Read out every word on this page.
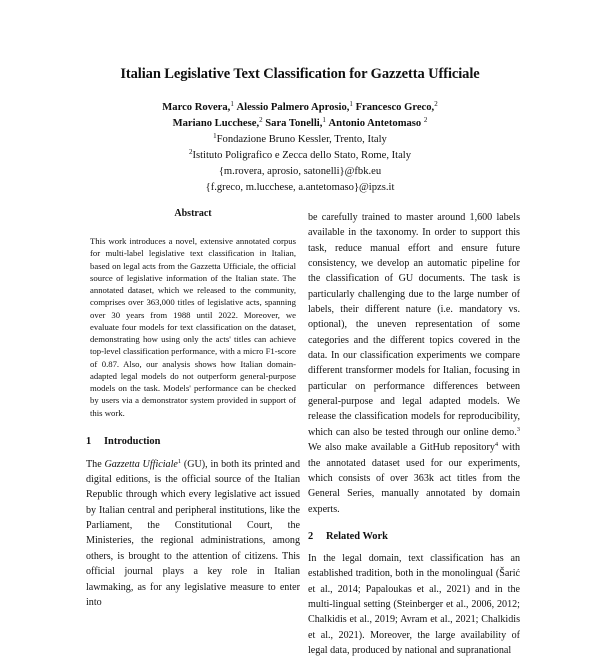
Italian Legislative Text Classification for Gazzetta Ufficiale
Marco Rovera,$^1$ Alessio Palmero Aprosio,$^1$ Francesco Greco,$^2$
Mariano Lucchese,$^2$ Sara Tonelli,$^1$ Antonio Antetomaso $^2$
$^1$Fondazione Bruno Kessler, Trento, Italy
$^2$Istituto Poligrafico e Zecca dello Stato, Rome, Italy
{m.rovera, aprosio, satonelli}@fbk.eu
{f.greco, m.lucchese, a.antetomaso}@ipzs.it
Abstract

This work introduces a novel, extensive annotated corpus for multi-label legislative text classification in Italian, based on legal acts from the Gazzetta Ufficiale, the official source of legislative information of the Italian state. The annotated dataset, which we released to the community, comprises over 363,000 titles of legislative acts, spanning over 30 years from 1988 until 2022. Moreover, we evaluate four models for text classification on the dataset, demonstrating how using only the acts' titles can achieve top-level classification performance, with a micro F1-score of 0.87. Also, our analysis shows how Italian domain-adapted legal models do not outperform general-purpose models on the task. Models' performance can be checked by users via a demonstrator system provided in support of this work.

1 Introduction

The Gazzetta Ufficiale$^1$ (GU), in both its printed and digital editions, is the official source of the Italian Republic through which every legislative act issued by Italian central and peripheral institutions, like the Parliament, the Constitutional Court, the Ministeries, the regional administrations, among others, is brought to the attention of citizens. This official journal plays a key role in Italian lawmaking, as for any legislative measure to enter into

be carefully trained to master around 1,600 labels available in the taxonomy. In order to support this task, reduce manual effort and ensure future consistency, we develop an automatic pipeline for the classification of GU documents. The task is particularly challenging due to the large number of labels, their different nature (i.e. mandatory vs. optional), the uneven representation of some categories and the different topics covered in the data. In our classification experiments we compare different transformer models for Italian, focusing in particular on performance differences between general-purpose and legal adapted models. We release the classification models for reproducibility, which can also be tested through our online demo.$^3$ We also make available a GitHub repository$^4$ with the annotated dataset used for our experiments, which consists of over 363k act titles from the General Series, manually annotated by domain experts.

2 Related Work

In the legal domain, text classification has an established tradition, both in the monolingual (Šarić et al., 2014; Papaloukas et al., 2021) and in the multi-lingual setting (Steinberger et al., 2006, 2012; Chalkidis et al., 2019; Avram et al., 2021; Chalkidis et al., 2021). Moreover, the large availability of legal data, produced by national and supranational
